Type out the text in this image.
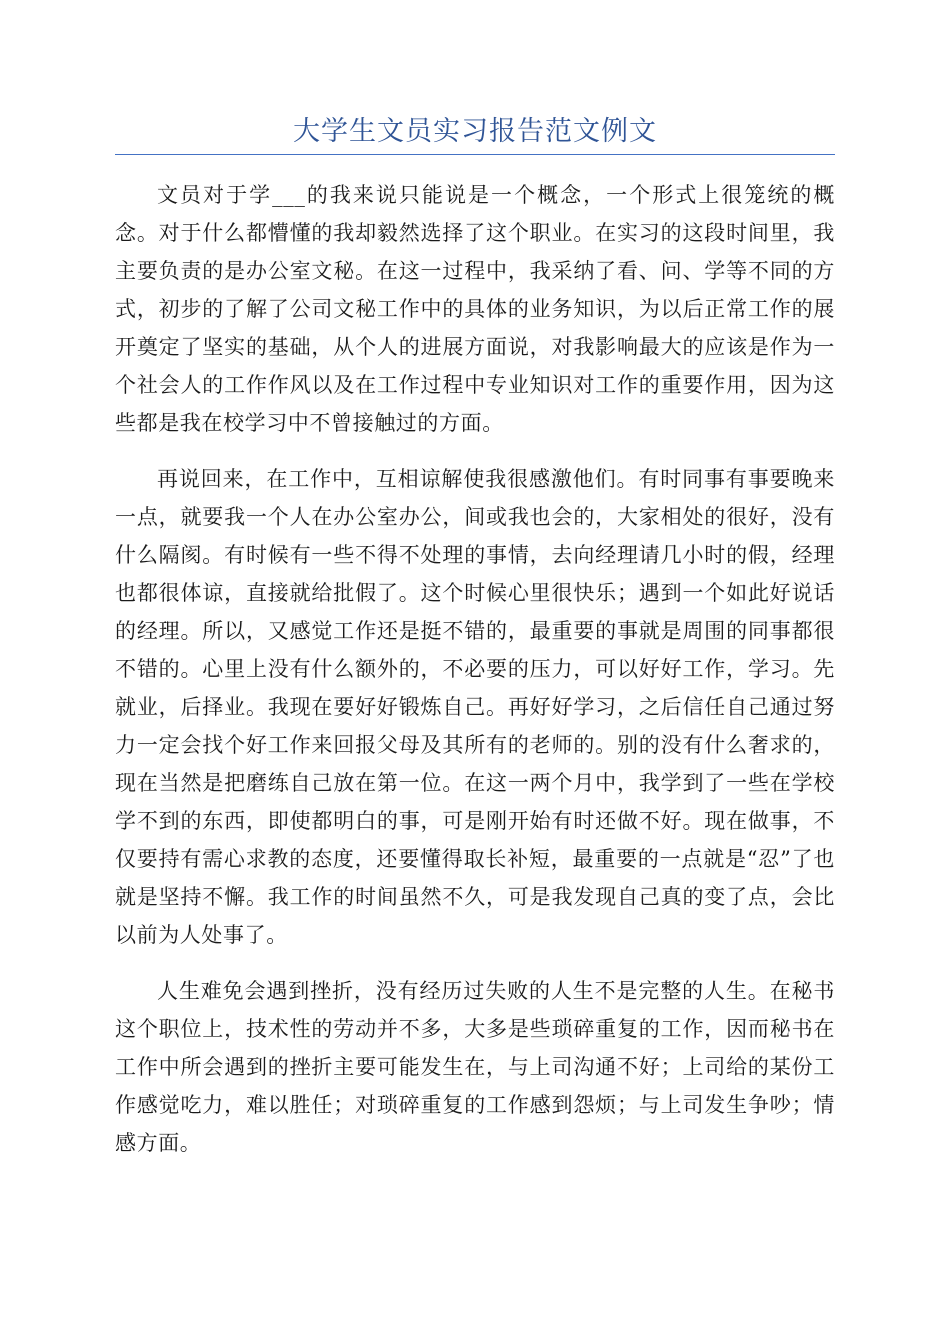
大学生文员实习报告范文例文

文员对于学___的我来说只能说是一个概念，一个形式上很笼统的概念。对于什么都懵懂的我却毅然选择了这个职业。在实习的这段时间里，我主要负责的是办公室文秘。在这一过程中，我采纳了看、问、学等不同的方式，初步的了解了公司文秘工作中的具体的业务知识，为以后正常工作的展开奠定了坚实的基础，从个人的进展方面说，对我影响最大的应该是作为一个社会人的工作作风以及在工作过程中专业知识对工作的重要作用，因为这些都是我在校学习中不曾接触过的方面。

再说回来，在工作中，互相谅解使我很感激他们。有时同事有事要晚来一点，就要我一个人在办公室办公，间或我也会的，大家相处的很好，没有什么隔阂。有时候有一些不得不处理的事情，去向经理请几小时的假，经理也都很体谅，直接就给批假了。这个时候心里很快乐；遇到一个如此好说话的经理。所以，又感觉工作还是挺不错的，最重要的事就是周围的同事都很不错的。心里上没有什么额外的，不必要的压力，可以好好工作，学习。先就业，后择业。我现在要好好锻炼自己。再好好学习，之后信任自己通过努力一定会找个好工作来回报父母及其所有的老师的。别的没有什么奢求的，现在当然是把磨练自己放在第一位。在这一两个月中，我学到了一些在学校学不到的东西，即使都明白的事，可是刚开始有时还做不好。现在做事，不仅要持有需心求教的态度，还要懂得取长补短，最重要的一点就是“忍”了也就是坚持不懈。我工作的时间虽然不久，可是我发现自己真的变了点，会比以前为人处事了。

人生难免会遇到挫折，没有经历过失败的人生不是完整的人生。在秘书这个职位上，技术性的劳动并不多，大多是些琐碎重复的工作，因而秘书在工作中所会遇到的挫折主要可能发生在，与上司沟通不好；上司给的某份工作感觉吃力，难以胜任；对琐碎重复的工作感到怨烦；与上司发生争吵；情感方面。
